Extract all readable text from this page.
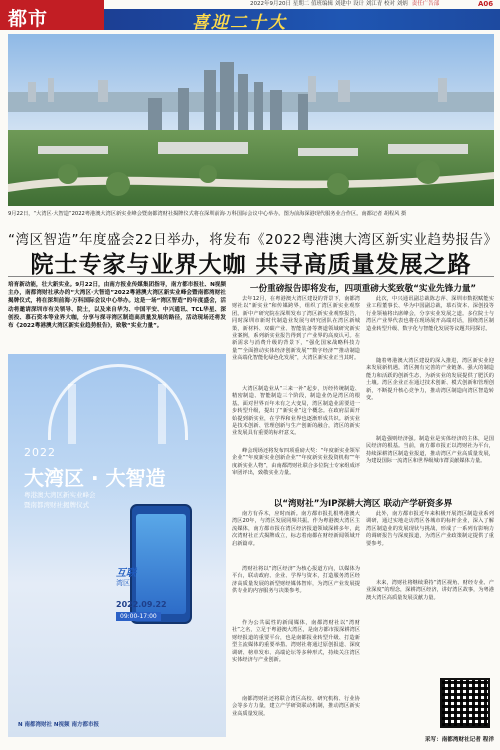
都市
2022年9月20日 星期二 值班编辑 刘建中 设计 刘江青 校对 刘炳 责任广告部	A06
喜迎二十大
9月22日，“大湾区·大智造”2022粤港澳大湾区新实业峰会暨南都湾财社揭牌仪式将在深圳前海·万科国际会议中心举办。图为前海深港现代服务业合作区。南都记者 胡程风 摄
“湾区智造”年度盛会22日举办，将发布《2022粤港澳大湾区新实业趋势报告》
院士专家与业界大咖 共寻高质量发展之路
培育新动能，壮大新实业。9月22日，由南方报业传媒集团指导，南方都市报社、N视频主办，南都湾财社承办的“大湾区·大智造”2022粤港澳大湾区新实业峰会暨南都湾财社揭牌仪式，将在深圳前海·万科国际会议中心举办。这是一场“湾区智造”的年度盛会，活动将邀请深圳市有关领导、院士，以及来自华为、中国平安、中兴通讯、TCL华星、深创投、慕石资本等业界大咖，分享与探寻湾区制造高质量发展的路径，活动现场还将发布《2022粤港澳大湾区新实业趋势报告》，致敬“实业力量”。
2022
大湾区 · 大智造
粤港澳大湾区新实业峰会
暨南都湾财社揭牌仪式
互联
湾区
2022.09.22
09:00-17:00
N 南都湾财社 N视频 南方都市报
一份重磅报告即将发布，四项重磅大奖致敬“实业先锋力量”
去年12月，在粤港澳大湾区建设的背景下，南都湾财社以“新实业”和传媒跨界，组织了湾区新实业观察团。新中产研究院在深圳发布了湾区新实业观察报告，同时深圳市新时代制造业发展与研究团队在湾区新城策，新材料、双碳产业、智能装备等赛道领域研究新实业案例，系列新实业报告得到了产业界的高度认可。在新需求与消费升级的背景下，“强化国家战略科技力量”“全面推动实体经济创新发展”“数字经济”“推动制造业高端化智能化绿色化发展”，大湾区新实业正当其时。
大湾区制造业从“三来一补”起步，历经传统制造、精密制造、智能制造三个阶段，制造业仍是湾区的根基。面对世界百年未有之大变局，湾区制造业需要进一步转型升级，提出了“新实业”这个概念。在政府层面开始提到新实业，在学界和业界也逐渐形成共识。新实业是技术创新、管理创新与生产创新的融合，湾区的新实业发展具有重要的标杆意义。
峰会现场还将发布四项重磅大奖：“年度新实业领军企业”“年度新实业创新企业”“年度新实业投资机构”“年度新实业人物”，由南都湾财社联合多位院士专家组成评审团评出，致敬实业力量。
此次，中兴通讯副总裁陈志萍、深圳市数据赋能实业工程董事长、华为中国副总裁，慕石资本、深创投等行业领袖将出席峰会，分享实业发展之道。多位院士与湾区产业界代表也将在现场展开高端对话，围绕湾区制造业转型升级、数字化与智能化发展等议题共同探讨。
随着粤港澳大湾区建设的深入推进，湾区新实业迎来发展新机遇。湾区拥有完善的产业链条、强大的制造能力和活跃的创新生态，为新实业的发展提供了肥沃的土壤。湾区企业正在通过技术创新、模式创新和管理创新，不断提升核心竞争力，推动湾区制造向湾区智造转变。
制造强则经济强。制造业是实体经济的主体，是国民经济的根基。当前，南方都市报正以湾财社为平台，持续深耕湾区制造业报道，推动湾区产业高质量发展，为建设国际一流湾区和世界级城市群贡献媒体力量。
以“湾财社”为IP深耕大湾区 联动产学研资多界
南方有乔木，应时而新。南方都市报扎根粤港澳大湾区20年，与湾区发展同频共振。作为粤港澳大湾区主流媒体，南方都市报在湾区经济报道领域深耕多年，此次湾财社正式揭牌成立，标志着南都在财经新闻领域开启新篇章。
湾财社将以“湾区经济”为核心报道方向，以媒体为平台，联动政府、企业、学界与资本，打造服务湾区经济高质量发展的新型财经媒体智库，为湾区产业发展提供专业的内容服务与决策参考。
作为公共属性的新闻媒体，南都湾财社以“湾财社”之名，立足于粤港澳大湾区，是南方都市报深耕湾区财经报道的重要平台，也是南都报业转型升级、打造新型主流媒体的重要举措。湾财社将通过原创报道、深度调研、榜单发布、高端论坛等多种形式，持续关注湾区实体经济与产业创新。
南都湾财社还将联合湾区高校、研究机构、行业协会等多方力量，建立产学研资联动机制，推动湾区新实业高质量发展。
此外，南方都市报近年来积极开展湾区制造业系列调研，通过实地走访湾区各城市的标杆企业，深入了解湾区制造业的发展现状与挑战，形成了一系列有影响力的调研报告与深度报道，为湾区产业政策制定提供了重要参考。
未来，湾财社将继续秉持“湾区视角、财经专业、产业深度”的理念，深耕湾区经济，讲好湾区故事，为粤港澳大湾区高质量发展贡献力量。
采写：南都湾财社记者 程洋
